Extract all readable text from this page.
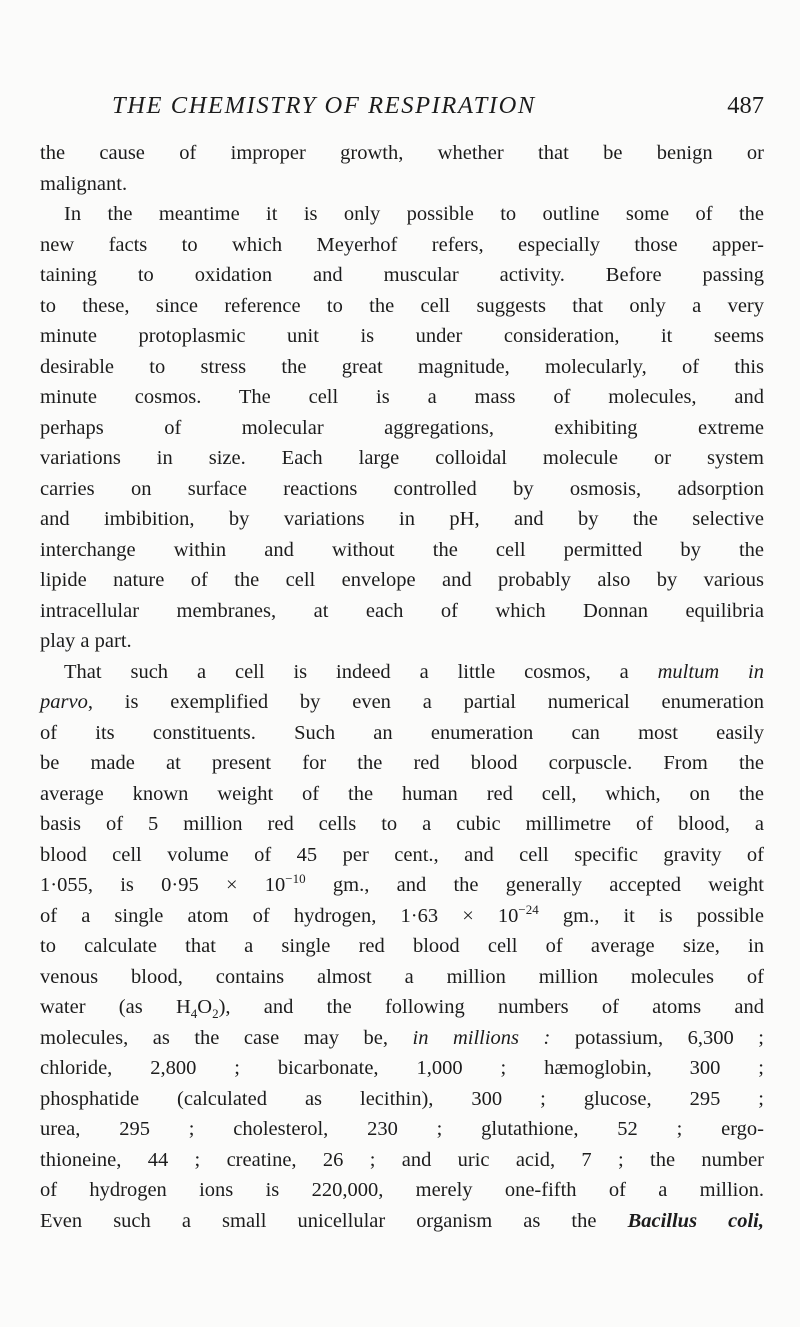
THE CHEMISTRY OF RESPIRATION	487
the cause of improper growth, whether that be benign or
malignant.
In the meantime it is only possible to outline some of the
new facts to which Meyerhof refers, especially those apper-
taining to oxidation and muscular activity. Before passing
to these, since reference to the cell suggests that only a very
minute protoplasmic unit is under consideration, it seems
desirable to stress the great magnitude, molecularly, of this
minute cosmos. The cell is a mass of molecules, and
perhaps of molecular aggregations, exhibiting extreme
variations in size. Each large colloidal molecule or system
carries on surface reactions controlled by osmosis, adsorption
and imbibition, by variations in pH, and by the selective
interchange within and without the cell permitted by the
lipide nature of the cell envelope and probably also by various
intracellular membranes, at each of which Donnan equilibria
play a part.
That such a cell is indeed a little cosmos, a multum in
parvo, is exemplified by even a partial numerical enumeration
of its constituents. Such an enumeration can most easily
be made at present for the red blood corpuscle. From the
average known weight of the human red cell, which, on the
basis of 5 million red cells to a cubic millimetre of blood, a
blood cell volume of 45 per cent., and cell specific gravity of
1·055, is $0\cdot 95 \times 10^{-10}$ gm., and the generally accepted weight
of a single atom of hydrogen, $1\cdot 63 \times 10^{-24}$ gm., it is possible
to calculate that a single red blood cell of average size, in
venous blood, contains almost a million million molecules of
water (as $H_4O_2$), and the following numbers of atoms and
molecules, as the case may be, in millions : potassium, 6,300 ;
chloride, 2,800 ; bicarbonate, 1,000 ; hæmoglobin, 300 ;
phosphatide (calculated as lecithin), 300 ; glucose, 295 ;
urea, 295 ; cholesterol, 230 ; glutathione, 52 ; ergo-
thioneine, 44 ; creatine, 26 ; and uric acid, 7 ; the number
of hydrogen ions is 220,000, merely one-fifth of a million.
Even such a small unicellular organism as the Bacillus coli,
